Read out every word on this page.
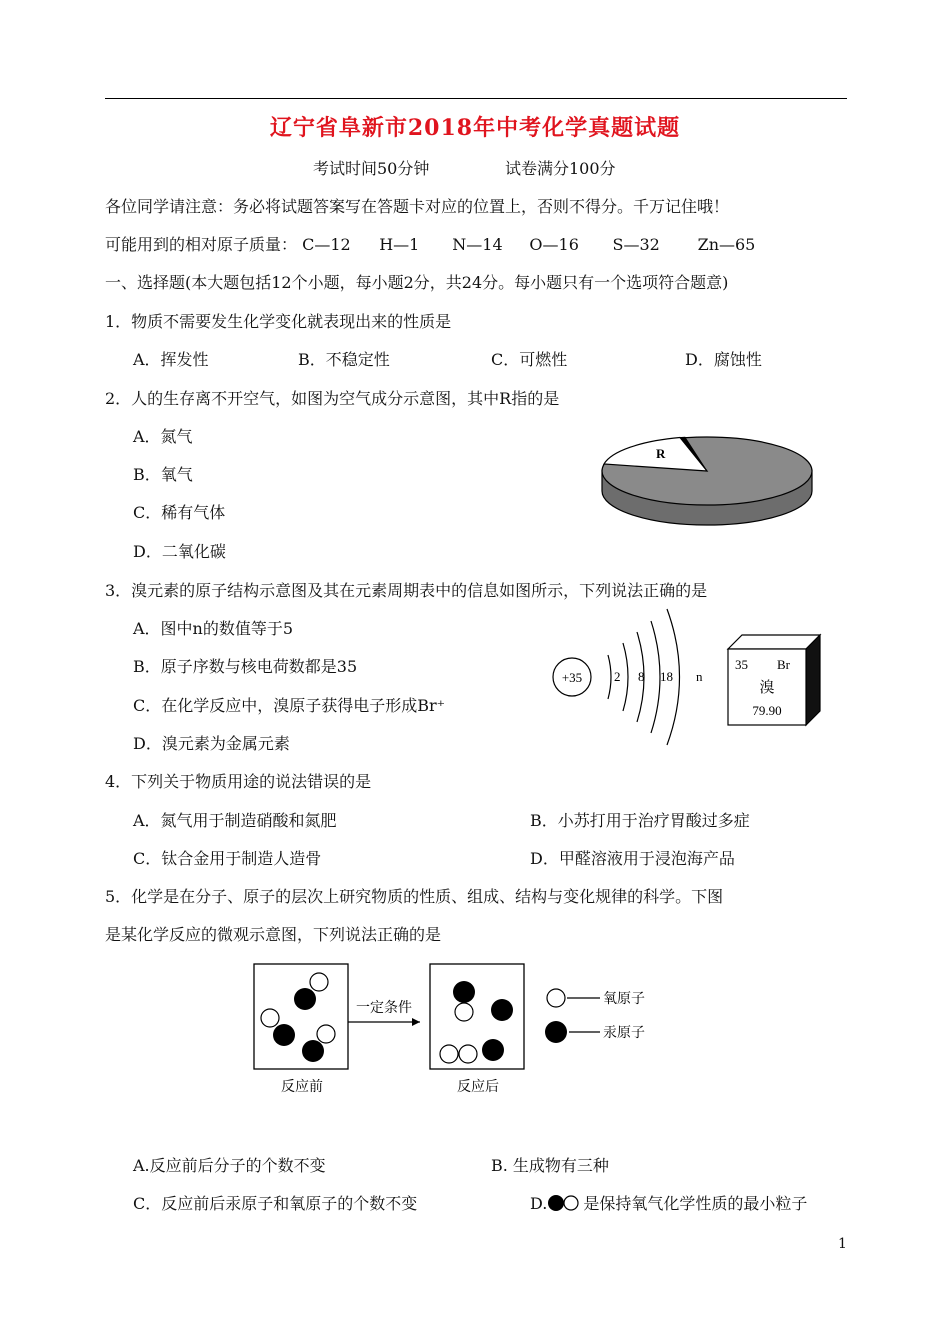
辽宁省阜新市2018年中考化学真题试题
考试时间50分钟	试卷满分100分
各位同学请注意：务必将试题答案写在答题卡对应的位置上，否则不得分。千万记住哦！
可能用到的相对原子质量： C—12 H—1 N—14 O—16 S—32 Zn—65
一、选择题(本大题包括12个小题，每小题2分，共24分。每小题只有一个选项符合题意)
1．物质不需要发生化学变化就表现出来的性质是
A．挥发性	B．不稳定性	C．可燃性	D．腐蚀性
2．人的生存离不开空气，如图为空气成分示意图，其中R指的是
A．氮气
B．氧气
C．稀有气体
D．二氧化碳
R
3．溴元素的原子结构示意图及其在元素周期表中的信息如图所示，下列说法正确的是
A．图中n的数值等于5
B．原子序数与核电荷数都是35
C．在化学反应中，溴原子获得电子形成Br⁺
D．溴元素为金属元素
+35 2 8 18 n
35 Br
溴
79.90
4．下列关于物质用途的说法错误的是
A．氮气用于制造硝酸和氮肥	B．小苏打用于治疗胃酸过多症
C．钛合金用于制造人造骨	D．甲醛溶液用于浸泡海产品
5．化学是在分子、原子的层次上研究物质的性质、组成、结构与变化规律的科学。下图
是某化学反应的微观示意图，下列说法正确的是
一定条件
反应前	反应后
氧原子
汞原子
A.反应前后分子的个数不变	B. 生成物有三种
C．反应前后汞原子和氧原子的个数不变	D. 是保持氧气化学性质的最小粒子
1
